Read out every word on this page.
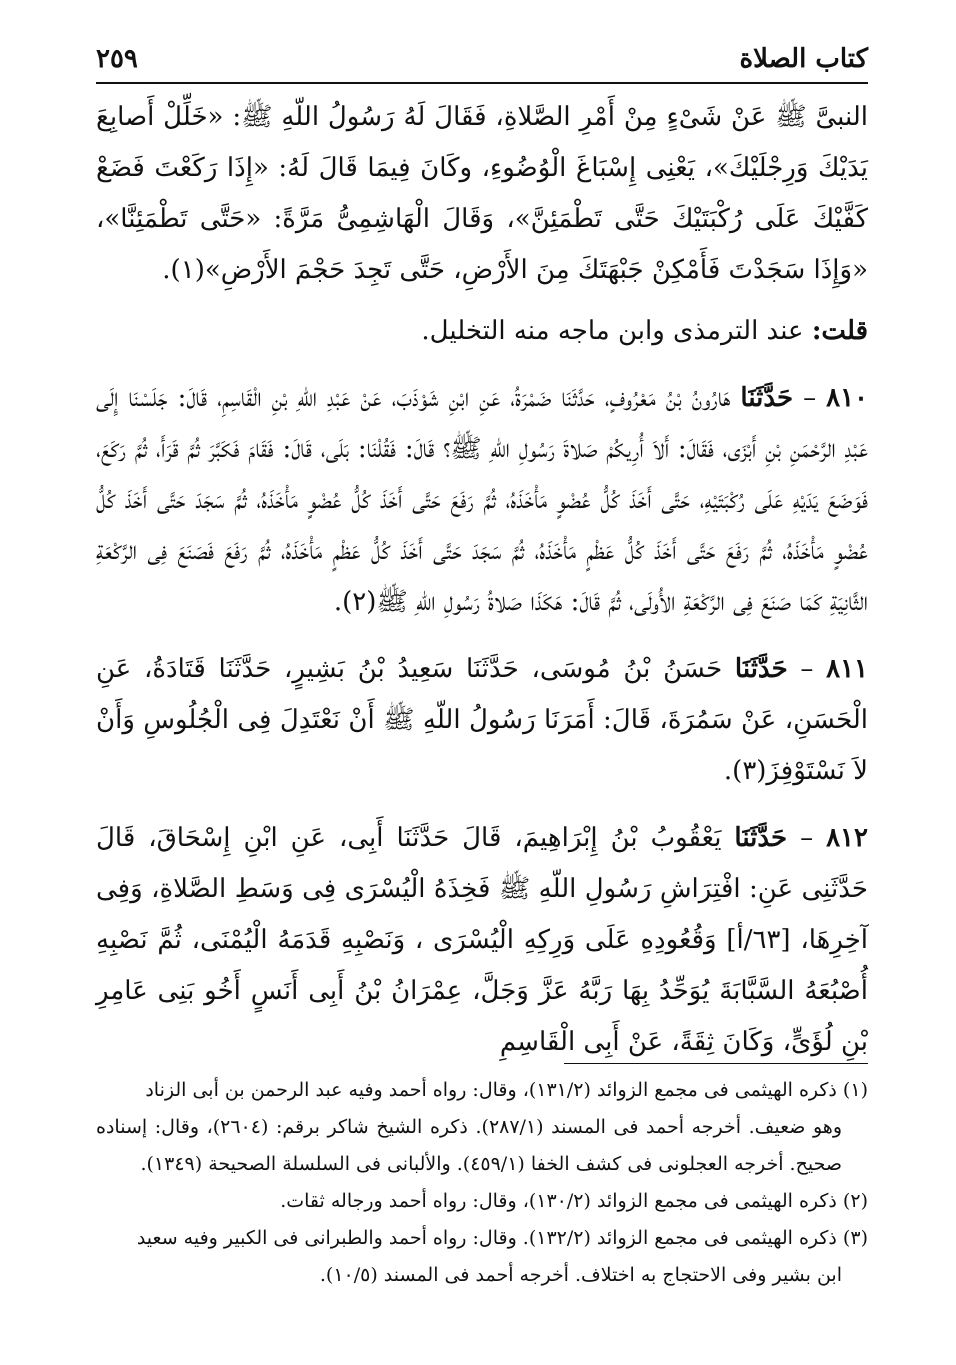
كتاب الصلاة
٢٥٩

النبىَّ ﷺ عَنْ شَىْءٍ مِنْ أَمْرِ الصَّلاةِ، فَقَالَ لَهُ رَسُولُ اللّهِ ﷺ: «خَلِّلْ أَصابِعَ يَدَيْكَ وَرِجْلَيْكَ»، يَعْنِى إِسْبَاغَ الْوُضُوءِ، وكَانَ فِيمَا قَالَ لَهُ: «إِذَا رَكَعْتَ فَضَعْ كَفَّيْكَ عَلَى رُكْبَتَيْكَ حَتَّى تَطْمَئِنَّ»، وَقَالَ الْهَاشِمِىُّ مَرَّةً: «حَتَّى تَطْمَئِنَّا»، «وَإِذَا سَجَدْتَ فَأَمْكِنْ جَبْهَتَكَ مِنَ الأَرْضِ، حَتَّى تَجِدَ حَجْمَ الأَرْضِ»(١).

قلت: عند الترمذى وابن ماجه منه التخليل.

٨١٠ – حَدَّثَنَا هَارُونُ بْنُ مَعْرُوفٍ، حَدَّثَنَا ضَمْرَةُ، عَنِ ابْنِ شَوْذَبَ، عَنْ عَبْدِ اللّهِ بْنِ الْقَاسِمِ، قَالَ: جَلَسْنَا إِلَى عَبْدِ الرَّحْمَنِ بْنِ أَبْزَى، فَقَالَ: أَلاَ أُرِيكُمْ صَلاةَ رَسُولِ اللّهِ ﷺ؟ قَالَ: فَقُلْنَا: بَلَى، قَالَ: فَقَامَ فَكَبَّرَ ثُمَّ قَرَأَ، ثُمَّ رَكَعَ، فَوَضَعَ يَدَيْهِ عَلَى رُكْبَتَيْهِ، حَتَّى أَخَذَ كُلُّ عُضْوٍ مَأْخَذَهُ، ثُمَّ رَفَعَ حَتَّى أَخَذَ كُلُّ عُضْوٍ مَأْخَذَهُ، ثُمَّ سَجَدَ حَتَّى أَخَذَ كُلُّ عُضْوٍ مَأْخَذَهُ، ثُمَّ رَفَعَ حَتَّى أَخَذَ كُلُّ عَظْمٍ مَأْخَذَهُ، ثُمَّ سَجَدَ حَتَّى أَخَذَ كُلُّ عَظْمٍ مَأْخَذَهُ، ثُمَّ رَفَعَ فَصَنَعَ فِى الرَّكْعَةِ الثَّانِيَةِ كَمَا صَنَعَ فِى الرَّكْعَةِ الأُولَى، ثُمَّ قَالَ: هَكَذَا صَلاةُ رَسُولِ اللّهِ ﷺ(٢).

٨١١ – حَدَّثَنَا حَسَنُ بْنُ مُوسَى، حَدَّثَنَا سَعِيدُ بْنُ بَشِيرٍ، حَدَّثَنَا قَتَادَةُ، عَنِ الْحَسَنِ، عَنْ سَمُرَةَ، قَالَ: أَمَرَنَا رَسُولُ اللّهِ ﷺ أَنْ نَعْتَدِلَ فِى الْجُلُوسِ وَأَنْ لاَ نَسْتَوْفِزَ(٣).

٨١٢ – حَدَّثَنَا يَعْقُوبُ بْنُ إِبْرَاهِيمَ، قَالَ حَدَّثَنَا أَبِى، عَنِ ابْنِ إِسْحَاقَ، قَالَ حَدَّثَنِى عَنِ: افْتِرَاشِ رَسُولِ اللّهِ ﷺ فَخِذَهُ الْيُسْرَى فِى وَسَطِ الصَّلاةِ، وَفِى آخِرِهَا، [٦٣/أ] وَقُعُودِهِ عَلَى وَرِكِهِ الْيُسْرَى ، وَنَصْبِهِ قَدَمَهُ الْيُمْنَى، ثُمَّ نَصْبِهِ أُصْبُعَهُ السَّبَّابَةَ يُوَحِّدُ بِهَا رَبَّهُ عَزَّ وَجَلَّ، عِمْرَانُ بْنُ أَبِى أَنَسٍ أَخُو بَنِى عَامِرِ بْنِ لُؤَىٍّ، وَكَانَ ثِقَةً، عَنْ أَبِى الْقَاسِمِ

(١) ذكره الهيثمى فى مجمع الزوائد (١٣١/٢)، وقال: رواه أحمد وفيه عبد الرحمن بن أبى الزناد

وهو ضعيف. أخرجه أحمد فى المسند (٢٨٧/١). ذكره الشيخ شاكر برقم: (٢٦٠٤)، وقال: إسناده صحيح. أخرجه العجلونى فى كشف الخفا (٤٥٩/١). والألبانى فى السلسلة الصحيحة (١٣٤٩).

(٢) ذكره الهيثمى فى مجمع الزوائد (١٣٠/٢)، وقال: رواه أحمد ورجاله ثقات.

(٣) ذكره الهيثمى فى مجمع الزوائد (١٣٢/٢). وقال: رواه أحمد والطبرانى فى الكبير وفيه سعيد

ابن بشير وفى الاحتجاج به اختلاف. أخرجه أحمد فى المسند (١٠/٥).
